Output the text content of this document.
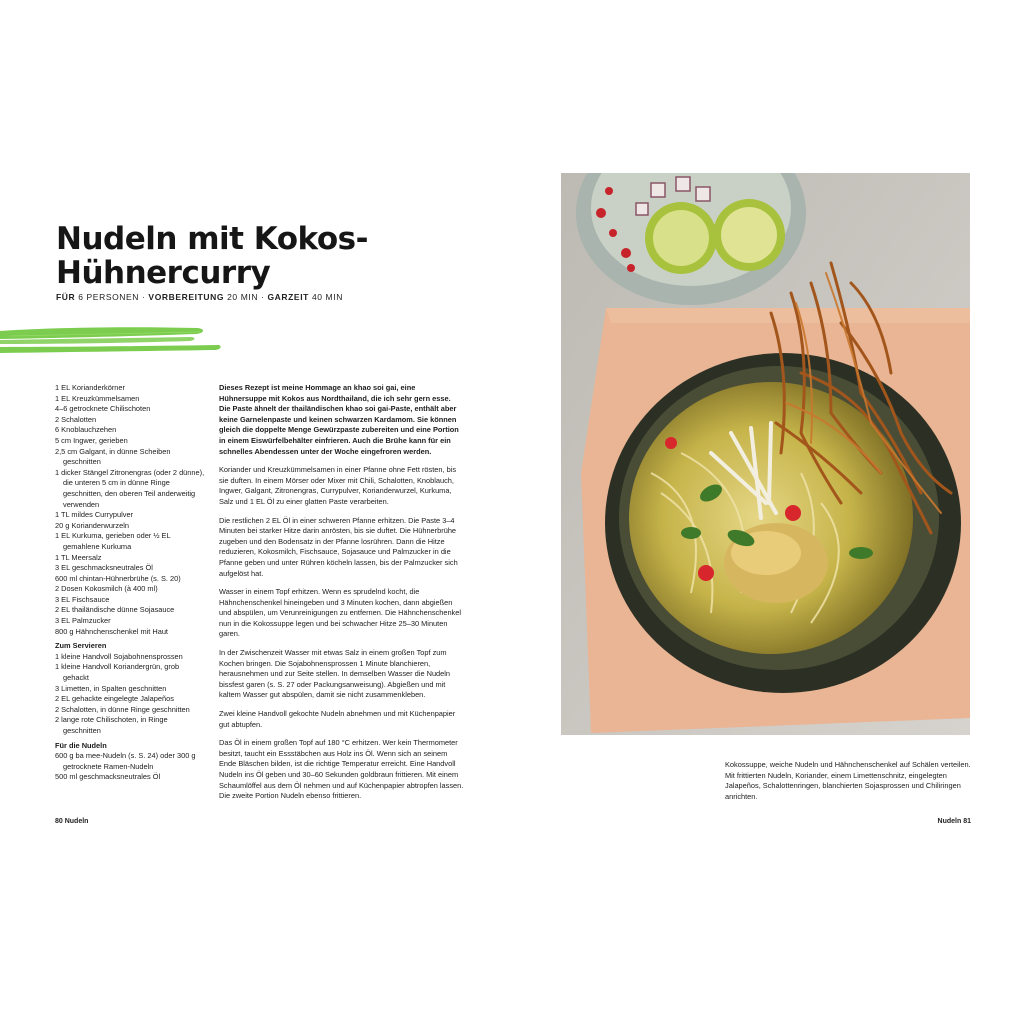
Nudeln mit Kokos-
Hühnercurry
FÜR 6 PERSONEN · VORBEREITUNG 20 MIN · GARZEIT 40 MIN
1 EL Korianderkörner
1 EL Kreuzkümmelsamen
4–6 getrocknete Chilischoten
2 Schalotten
6 Knoblauchzehen
5 cm Ingwer, gerieben
2,5 cm Galgant, in dünne Scheiben geschnitten
1 dicker Stängel Zitronengras (oder 2 dünne), die unteren 5 cm in dünne Ringe geschnitten, den oberen Teil anderweitig verwenden
1 TL mildes Currypulver
20 g Korianderwurzeln
1 EL Kurkuma, gerieben oder ½ EL gemahlene Kurkuma
1 TL Meersalz
3 EL geschmacksneutrales Öl
600 ml chintan-Hühnerbrühe (s. S. 20)
2 Dosen Kokosmilch (à 400 ml)
3 EL Fischsauce
2 EL thailändische dünne Sojasauce
3 EL Palmzucker
800 g Hähnchenschenkel mit Haut
Zum Servieren
1 kleine Handvoll Sojabohnensprossen
1 kleine Handvoll Koriandergrün, grob gehackt
3 Limetten, in Spalten geschnitten
2 EL gehackte eingelegte Jalapeños
2 Schalotten, in dünne Ringe geschnitten
2 lange rote Chilischoten, in Ringe geschnitten
Für die Nudeln
600 g ba mee-Nudeln (s. S. 24) oder 300 g getrocknete Ramen-Nudeln
500 ml geschmacksneutrales Öl

Dieses Rezept ist meine Hommage an khao soi gai, eine Hühnersuppe mit Kokos aus Nordthailand, die ich sehr gern esse. Die Paste ähnelt der thailändischen khao soi gai-Paste, enthält aber keine Garnelenpaste und keinen schwarzen Kardamom. Sie können gleich die doppelte Menge Gewürzpaste zubereiten und eine Portion in einem Eiswürfelbehälter einfrieren. Auch die Brühe kann für ein schnelles Abendessen unter der Woche eingefroren werden.

Koriander und Kreuzkümmelsamen in einer Pfanne ohne Fett rösten, bis sie duften. In einem Mörser oder Mixer mit Chili, Schalotten, Knoblauch, Ingwer, Galgant, Zitronengras, Currypulver, Korianderwurzel, Kurkuma, Salz und 1 EL Öl zu einer glatten Paste verarbeiten.

Die restlichen 2 EL Öl in einer schweren Pfanne erhitzen. Die Paste 3–4 Minuten bei starker Hitze darin anrösten, bis sie duftet. Die Hühnerbrühe zugeben und den Bodensatz in der Pfanne losrühren. Dann die Hitze reduzieren, Kokosmilch, Fischsauce, Sojasauce und Palmzucker in die Pfanne geben und unter Rühren köcheln lassen, bis der Palmzucker sich aufgelöst hat.

Wasser in einem Topf erhitzen. Wenn es sprudelnd kocht, die Hähnchenschenkel hineingeben und 3 Minuten kochen, dann abgießen und abspülen, um Verunreinigungen zu entfernen. Die Hähnchenschenkel nun in die Kokossuppe legen und bei schwacher Hitze 25–30 Minuten garen.

In der Zwischenzeit Wasser mit etwas Salz in einem großen Topf zum Kochen bringen. Die Sojabohnensprossen 1 Minute blanchieren, herausnehmen und zur Seite stellen. In demselben Wasser die Nudeln bissfest garen (s. S. 27 oder Packungsanweisung). Abgießen und mit kaltem Wasser gut abspülen, damit sie nicht zusammenkleben.

Zwei kleine Handvoll gekochte Nudeln abnehmen und mit Küchenpapier gut abtupfen.

Das Öl in einem großen Topf auf 180 °C erhitzen. Wer kein Thermometer besitzt, taucht ein Essstäbchen aus Holz ins Öl. Wenn sich an seinem Ende Bläschen bilden, ist die richtige Temperatur erreicht. Eine Handvoll Nudeln ins Öl geben und 30–60 Sekunden goldbraun frittieren. Mit einem Schaumlöffel aus dem Öl nehmen und auf Küchenpapier abtropfen lassen. Die zweite Portion Nudeln ebenso frittieren.

80 Nudeln
Kokossuppe, weiche Nudeln und Hähnchenschenkel auf Schälen verteilen. Mit frittierten Nudeln, Koriander, einem Limettenschnitz, eingelegten Jalapeños, Schalottenringen, blanchierten Sojasprossen und Chiliringen anrichten.
Nudeln 81
